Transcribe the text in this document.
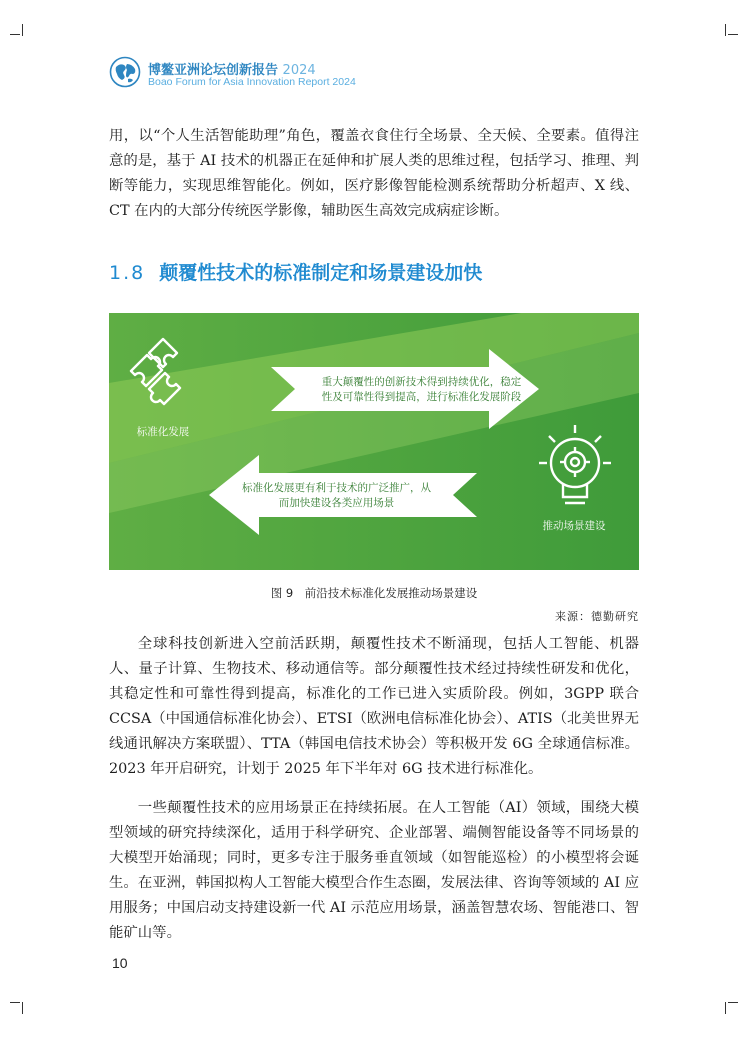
博鳌亚洲论坛创新报告 2024
Boao Forum for Asia Innovation Report 2024

用，以“个人生活智能助理”角色，覆盖衣食住行全场景、全天候、全要素。值得注意的是，基于 AI 技术的机器正在延伸和扩展人类的思维过程，包括学习、推理、判断等能力，实现思维智能化。例如，医疗影像智能检测系统帮助分析超声、X 线、CT 在内的大部分传统医学影像，辅助医生高效完成病症诊断。

1.8 颠覆性技术的标准制定和场景建设加快
重大颠覆性的创新技术得到持续优化，稳定性及可靠性得到提高，进行标准化发展阶段
标准化发展更有利于技术的广泛推广，从而加快建设各类应用场景
标准化发展
推动场景建设
图 9　前沿技术标准化发展推动场景建设
来源：德勤研究

全球科技创新进入空前活跃期，颠覆性技术不断涌现，包括人工智能、机器人、量子计算、生物技术、移动通信等。部分颠覆性技术经过持续性研发和优化，其稳定性和可靠性得到提高，标准化的工作已进入实质阶段。例如，3GPP 联合 CCSA（中国通信标准化协会）、ETSI（欧洲电信标准化协会）、ATIS（北美世界无线通讯解决方案联盟）、TTA（韩国电信技术协会）等积极开发 6G 全球通信标准。2023 年开启研究，计划于 2025 年下半年对 6G 技术进行标准化。

一些颠覆性技术的应用场景正在持续拓展。在人工智能（AI）领域，围绕大模型领域的研究持续深化，适用于科学研究、企业部署、端侧智能设备等不同场景的大模型开始涌现；同时，更多专注于服务垂直领域（如智能巡检）的小模型将会诞生。在亚洲，韩国拟构人工智能大模型合作生态圈，发展法律、咨询等领域的 AI 应用服务；中国启动支持建设新一代 AI 示范应用场景，涵盖智慧农场、智能港口、智能矿山等。

10
